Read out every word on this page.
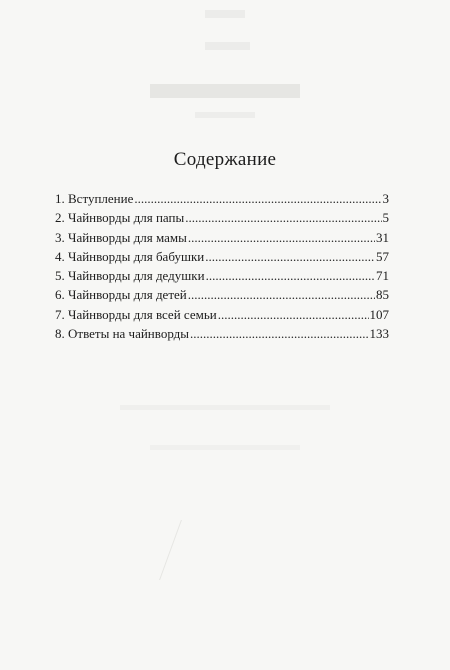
Содержание
1. Вступление .....	3
2. Чайнворды для папы .....	5
3. Чайнворды для мамы .....	31
4. Чайнворды для бабушки .....	57
5. Чайнворды для дедушки .....	71
6. Чайнворды для детей .....	85
7. Чайнворды для всей семьи .....	107
8. Ответы на чайнворды .....	133
